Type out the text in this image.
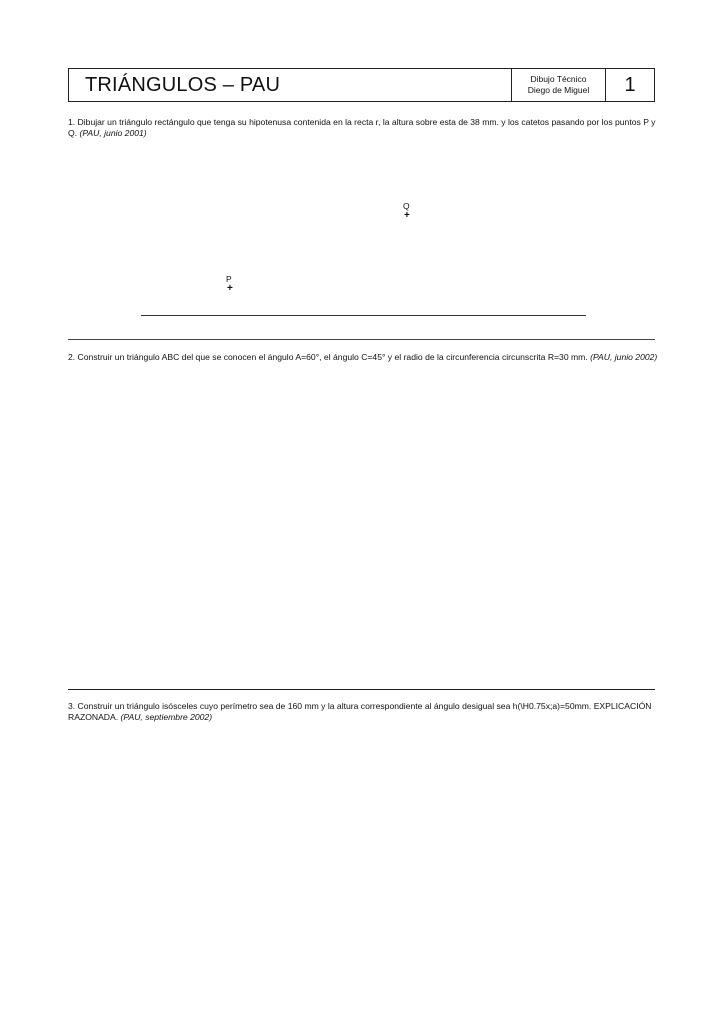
TRIÁNGULOS – PAU	Dibujo Técnico
Diego de Miguel	1
1. Dibujar un triángulo rectángulo que tenga su hipotenusa contenida en la recta r, la altura sobre esta de 38 mm. y los catetos pasando por los puntos P y Q. (PAU, junio 2001)
Q
+
P
+
2. Construir un triángulo ABC del que se conocen el ángulo A=60°, el ángulo C=45° y el radio de la circunferencia circunscrita R=30 mm. (PAU, junio 2002)
3. Construir un triángulo isósceles cuyo perímetro sea de 160 mm y la altura correspondiente al ángulo desigual sea h(\H0.75x;a)=50mm. EXPLICACIÓN RAZONADA. (PAU, septiembre 2002)
